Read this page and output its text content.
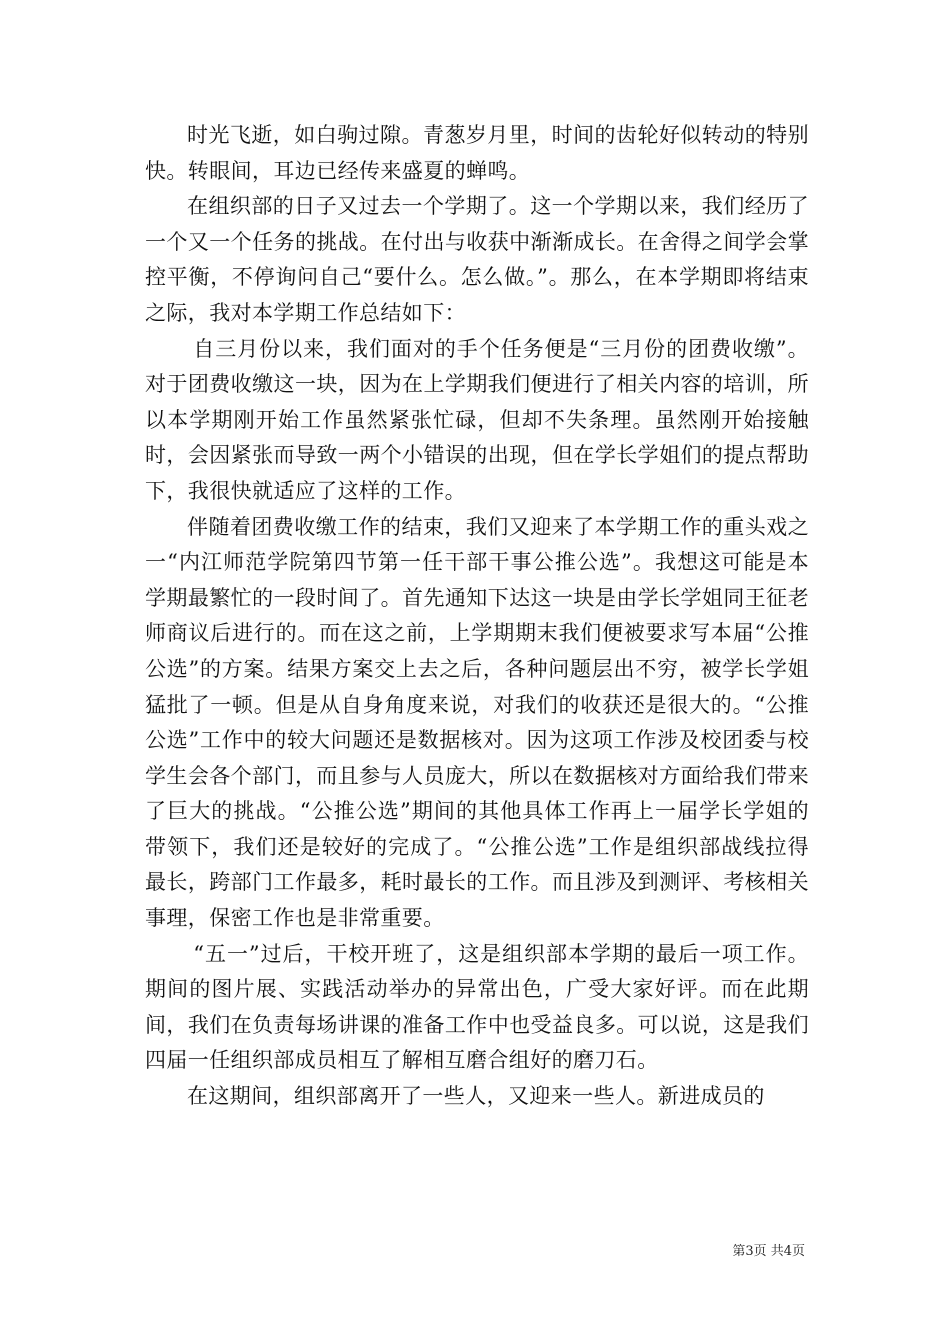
时光飞逝，如白驹过隙。青葱岁月里，时间的齿轮好似转动的特别快。转眼间，耳边已经传来盛夏的蝉鸣。

在组织部的日子又过去一个学期了。这一个学期以来，我们经历了一个又一个任务的挑战。在付出与收获中渐渐成长。在舍得之间学会掌控平衡，不停询问自己“要什么。怎么做。”。那么，在本学期即将结束之际，我对本学期工作总结如下：

自三月份以来，我们面对的手个任务便是“三月份的团费收缴”。对于团费收缴这一块，因为在上学期我们便进行了相关内容的培训，所以本学期刚开始工作虽然紧张忙碌，但却不失条理。虽然刚开始接触时，会因紧张而导致一两个小错误的出现，但在学长学姐们的提点帮助下，我很快就适应了这样的工作。

伴随着团费收缴工作的结束，我们又迎来了本学期工作的重头戏之一“内江师范学院第四节第一任干部干事公推公选”。我想这可能是本学期最繁忙的一段时间了。首先通知下达这一块是由学长学姐同王征老师商议后进行的。而在这之前，上学期期末我们便被要求写本届“公推公选”的方案。结果方案交上去之后，各种问题层出不穷，被学长学姐猛批了一顿。但是从自身角度来说，对我们的收获还是很大的。“公推公选”工作中的较大问题还是数据核对。因为这项工作涉及校团委与校学生会各个部门，而且参与人员庞大，所以在数据核对方面给我们带来了巨大的挑战。“公推公选”期间的其他具体工作再上一届学长学姐的带领下，我们还是较好的完成了。“公推公选”工作是组织部战线拉得最长，跨部门工作最多，耗时最长的工作。而且涉及到测评、考核相关事理，保密工作也是非常重要。

“五一”过后，干校开班了，这是组织部本学期的最后一项工作。期间的图片展、实践活动举办的异常出色，广受大家好评。而在此期间，我们在负责每场讲课的准备工作中也受益良多。可以说，这是我们四届一任组织部成员相互了解相互磨合组好的磨刀石。

在这期间，组织部离开了一些人，又迎来一些人。新进成员的

第3页 共4页
